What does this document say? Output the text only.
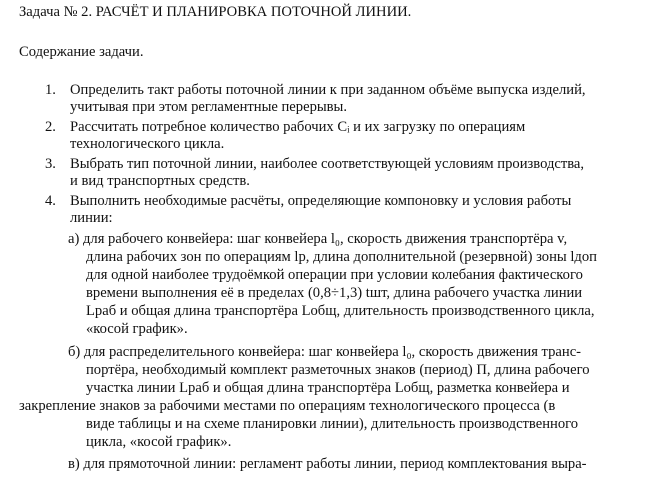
Задача № 2. РАСЧЁТ И ПЛАНИРОВКА ПОТОЧНОЙ ЛИНИИ.
Содержание задачи.
1. Определить такт работы поточной линии к при заданном объёме выпуска изделий,
учитывая при этом регламентные перерывы.
2. Рассчитать потребное количество рабочих Cᵢ и их загрузку по операциям
технологического цикла.
3. Выбрать тип поточной линии, наиболее соответствующей условиям производства,
и вид транспортных средств.
4. Выполнить необходимые расчёты, определяющие компоновку и условия работы
линии:
а) для рабочего конвейера: шаг конвейера l₀, скорость движения транспортёра v,
длина рабочих зон по операциям lр, длина дополнительной (резервной) зоны lдоп
для одной наиболее трудоёмкой операции при условии колебания фактического
времени выполнения её в пределах (0,8÷1,3) tшт, длина рабочего участка линии
Lраб и общая длина транспортёра Lобщ, длительность производственного цикла,
«косой график».
б) для распределительного конвейера: шаг конвейера l₀, скорость движения транс-
портёра, необходимый комплект разметочных знаков (период) П, длина рабочего
участка линии Lраб и общая длина транспортёра Lобщ, разметка конвейера и
закрепление знаков за рабочими местами по операциям технологического процесса (в
виде таблицы и на схеме планировки линии), длительность производственного
цикла, «косой график».
в) для прямоточной линии: регламент работы линии, период комплектования выра-
